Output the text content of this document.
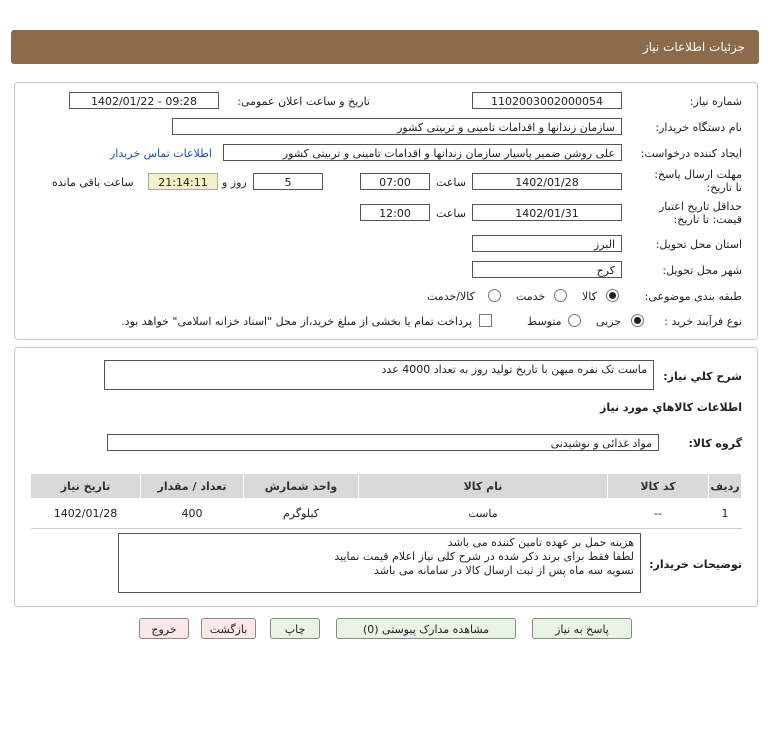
جزئیات اطلاعات نیاز
شماره نیاز:
1102003002000054
تاریخ و ساعت اعلان عمومی:
1402/01/22 - 09:28
نام دستگاه خریدار:
سازمان زندانها و اقدامات تامینی و تربیتی کشور
ایجاد کننده درخواست:
علی روشن ضمیر پاسیار سازمان زندانها و اقدامات تامینی و تربیتی کشور
اطلاعات تماس خریدار
مهلت ارسال پاسخ: تا تاریخ:
1402/01/28
ساعت
07:00
5
روز و
21:14:11
ساعت باقی مانده
حداقل تاریخ اعتبار قیمت: تا تاریخ:
1402/01/31
ساعت
12:00
استان محل تحویل:
البرز
شهر محل تحویل:
کرج
طبقه بندی موضوعی:
کالا
خدمت
کالا/خدمت
نوع فرآیند خرید :
جزیی
متوسط
پرداخت تمام یا بخشی از مبلغ خرید،از محل "اسناد خزانه اسلامی" خواهد بود.
شرح کلي نياز:
ماست تک نفره میهن با تاریخ تولید روز به تعداد 4000 عدد
اطلاعات کالاهاي مورد نياز
گروه کالا:
مواد غذائی و نوشیدنی
ردیف	کد کالا	نام کالا	واحد شمارش	تعداد / مقدار	تاریخ نیاز
1	--	ماست	کیلوگرم	400	1402/01/28
توضیحات خریدار:
هزینه حمل بر عهده تامین کننده می باشد
لطفا فقط برای برند ذکر شده در شرح کلی نیاز اعلام قیمت نمایید
تسویه سه ماه پس از ثبت ارسال کالا در سامانه می باشد
پاسخ به نیاز
مشاهده مدارک پیوستی (0)
چاپ
بازگشت
خروج
